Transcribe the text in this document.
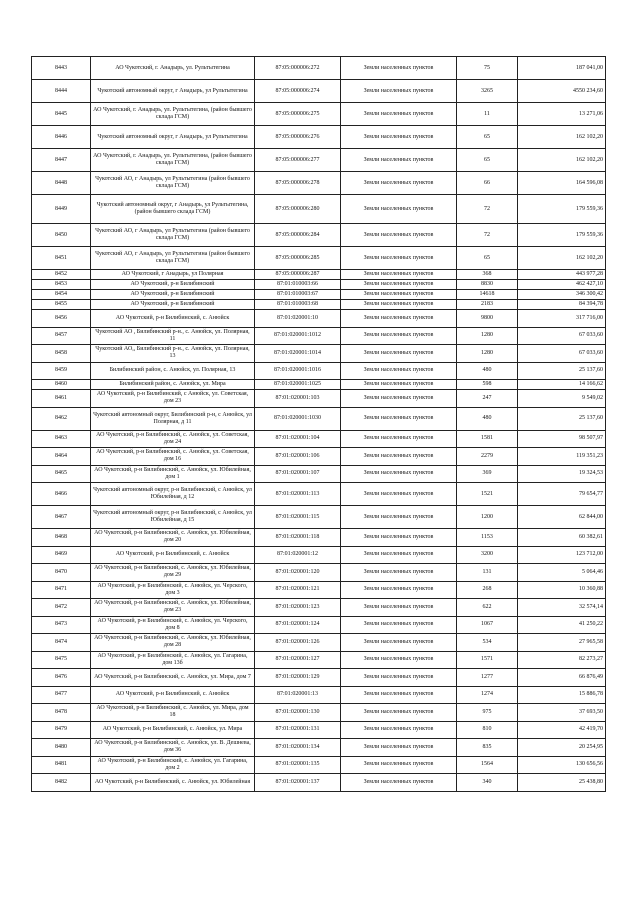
8443	АО Чукотский, г. Анадырь, ул. Рультытегина	87:05:000006:272	Земли населенных пунктов	75	187 041,00
8444	Чукотский автономный округ, г Анадырь, ул Рультытегина	87:05:000006:274	Земли населенных пунктов	3265	4550 234,60
8445	АО Чукотский, г. Анадырь, ул. Рультытегина, (район бывшего склада ГСМ)	87:05:000006:275	Земли населенных пунктов	11	13 271,06
8446	Чукотский автономный округ, г Анадырь, ул Рультытегина	87:05:000006:276	Земли населенных пунктов	65	162 102,20
8447	АО Чукотский, г. Анадырь, ул. Рультытегина, (район бывшего склада ГСМ)	87:05:000006:277	Земли населенных пунктов	65	162 102,20
8448	Чукотский АО, г Анадырь, ул Рультытегина (район бывшего склада ГСМ)	87:05:000006:278	Земли населенных пунктов	66	164 596,08
8449	Чукотский автономный округ, г Анадырь, ул Рультытегина, (район бывшего склада ГСМ)	87:05:000006:280	Земли населенных пунктов	72	179 559,36
8450	Чукотский АО, г Анадырь, ул Рультытегина (район бывшего склада ГСМ)	87:05:000006:284	Земли населенных пунктов	72	179 559,36
8451	Чукотский АО, г Анадырь, ул Рультытегина (район бывшего склада ГСМ)	87:05:000006:285	Земли населенных пунктов	65	162 102,20
8452	АО Чукотский, г Анадырь, ул Полярная	87:05:000006:287	Земли населенных пунктов	368	443 977,28
8453	АО Чукотский, р-н Билибинский	87:01:010003:66	Земли населенных пунктов	8830	462 427,10
8454	АО Чукотский, р-н Билибинский	87:01:010003:67	Земли населенных пунктов	14618	346 300,42
8455	АО Чукотский, р-н Билибинский	87:01:010003:68	Земли населенных пунктов	2183	84 394,78
8456	АО Чукотский, р-н Билибинский, с. Анюйск	87:01:020001:10	Земли населенных пунктов	9800	317 716,00
8457	Чукотский АО , Билибинский р-н., с. Анюйск, ул. Полярная, 11	87:01:020001:1012	Земли населенных пунктов	1280	67 033,60
8458	Чукотский АО,, Билибинский р-н., с. Анюйск, ул. Полярная, 13	87:01:020001:1014	Земли населенных пунктов	1280	67 033,60
8459	Билибинский район, с. Анюйск, ул. Полярная, 13	87:01:020001:1016	Земли населенных пунктов	480	25 137,60
8460	Билибинский район, с. Анюйск, ул. Мира	87:01:020001:1025	Земли населенных пунктов	598	14 166,62
8461	АО Чукотский, р-н Билибинский, с Анюйск, ул. Советская, дом 23	87:01:020001:103	Земли населенных пунктов	247	9 549,02
8462	Чукотский автономный округ, Билибинский р-н, с Анюйск, ул Полярная, д 11	87:01:020001:1030	Земли населенных пунктов	480	25 137,60
8463	АО Чукотский, р-н Билибинский, с. Анюйск, ул. Советская, дом 24	87:01:020001:104	Земли населенных пунктов	1581	98 507,97
8464	АО Чукотский, р-н Билибинский, с. Анюйск, ул. Советская, дом 16	87:01:020001:106	Земли населенных пунктов	2279	119 351,23
8465	АО Чукотский, р-н Билибинский, с. Анюйск, ул. Юбилейная, дом 1	87:01:020001:107	Земли населенных пунктов	369	19 324,53
8466	Чукотский автономный округ, р-н Билибинский, с Анюйск, ул Юбилейная, д 12	87:01:020001:113	Земли населенных пунктов	1521	79 654,77
8467	Чукотский автономный округ, р-н Билибинский, с Анюйск, ул Юбилейная, д 15	87:01:020001:115	Земли населенных пунктов	1200	62 844,00
8468	АО Чукотский, р-н Билибинский, с. Анюйск, ул. Юбилейная, дом 20	87:01:020001:118	Земли населенных пунктов	1153	60 382,61
8469	АО Чукотский, р-н Билибинский, с. Анюйск	87:01:020001:12	Земли населенных пунктов	3200	123 712,00
8470	АО Чукотский, р-н Билибинский, с. Анюйск, ул. Юбилейная, дом 29	87:01:020001:120	Земли населенных пунктов	131	5 064,46
8471	АО Чукотский, р-н Билибинский, с. Анюйск, ул. Черского, дом 3	87:01:020001:121	Земли населенных пунктов	268	10 360,88
8472	АО Чукотский, р-н Билибинский, с. Анюйск, ул. Юбилейная, дом 23	87:01:020001:123	Земли населенных пунктов	622	32 574,14
8473	АО Чукотский, р-н Билибинский, с. Анюйск, ул. Черского, дом 8	87:01:020001:124	Земли населенных пунктов	1067	41 250,22
8474	АО Чукотский, р-н Билибинский, с. Анюйск, ул. Юбилейная, дом 28	87:01:020001:126	Земли населенных пунктов	534	27 965,58
8475	АО Чукотский, р-н Билибинский, с. Анюйск, ул. Гагарина, дом 13б	87:01:020001:127	Земли населенных пунктов	1571	82 273,27
8476	АО Чукотский, р-н Билибинский, с. Анюйск, ул. Мира, дом 7	87:01:020001:129	Земли населенных пунктов	1277	66 876,49
8477	АО Чукотский, р-н Билибинский, с. Анюйск	87:01:020001:13	Земли населенных пунктов	1274	15 886,78
8478	АО Чукотский, р-н Билибинский, с. Анюйск, ул. Мира, дом 18	87:01:020001:130	Земли населенных пунктов	975	37 693,50
8479	АО Чукотский, р-н Билибинский, с. Анюйск, ул. Мира	87:01:020001:131	Земли населенных пунктов	810	42 419,70
8480	АО Чукотский, р-н Билибинский, с. Анюйск, ул. В. Дешнева, дом 36	87:01:020001:134	Земли населенных пунктов	835	20 254,95
8481	АО Чукотский, р-н Билибинский, с. Анюйск, ул. Гагарина, дом 2	87:01:020001:135	Земли населенных пунктов	1564	130 656,56
8482	АО Чукотский, р-н Билибинский, с. Анюйск, ул. Юбилейная	87:01:020001:137	Земли населенных пунктов	340	25 438,80
